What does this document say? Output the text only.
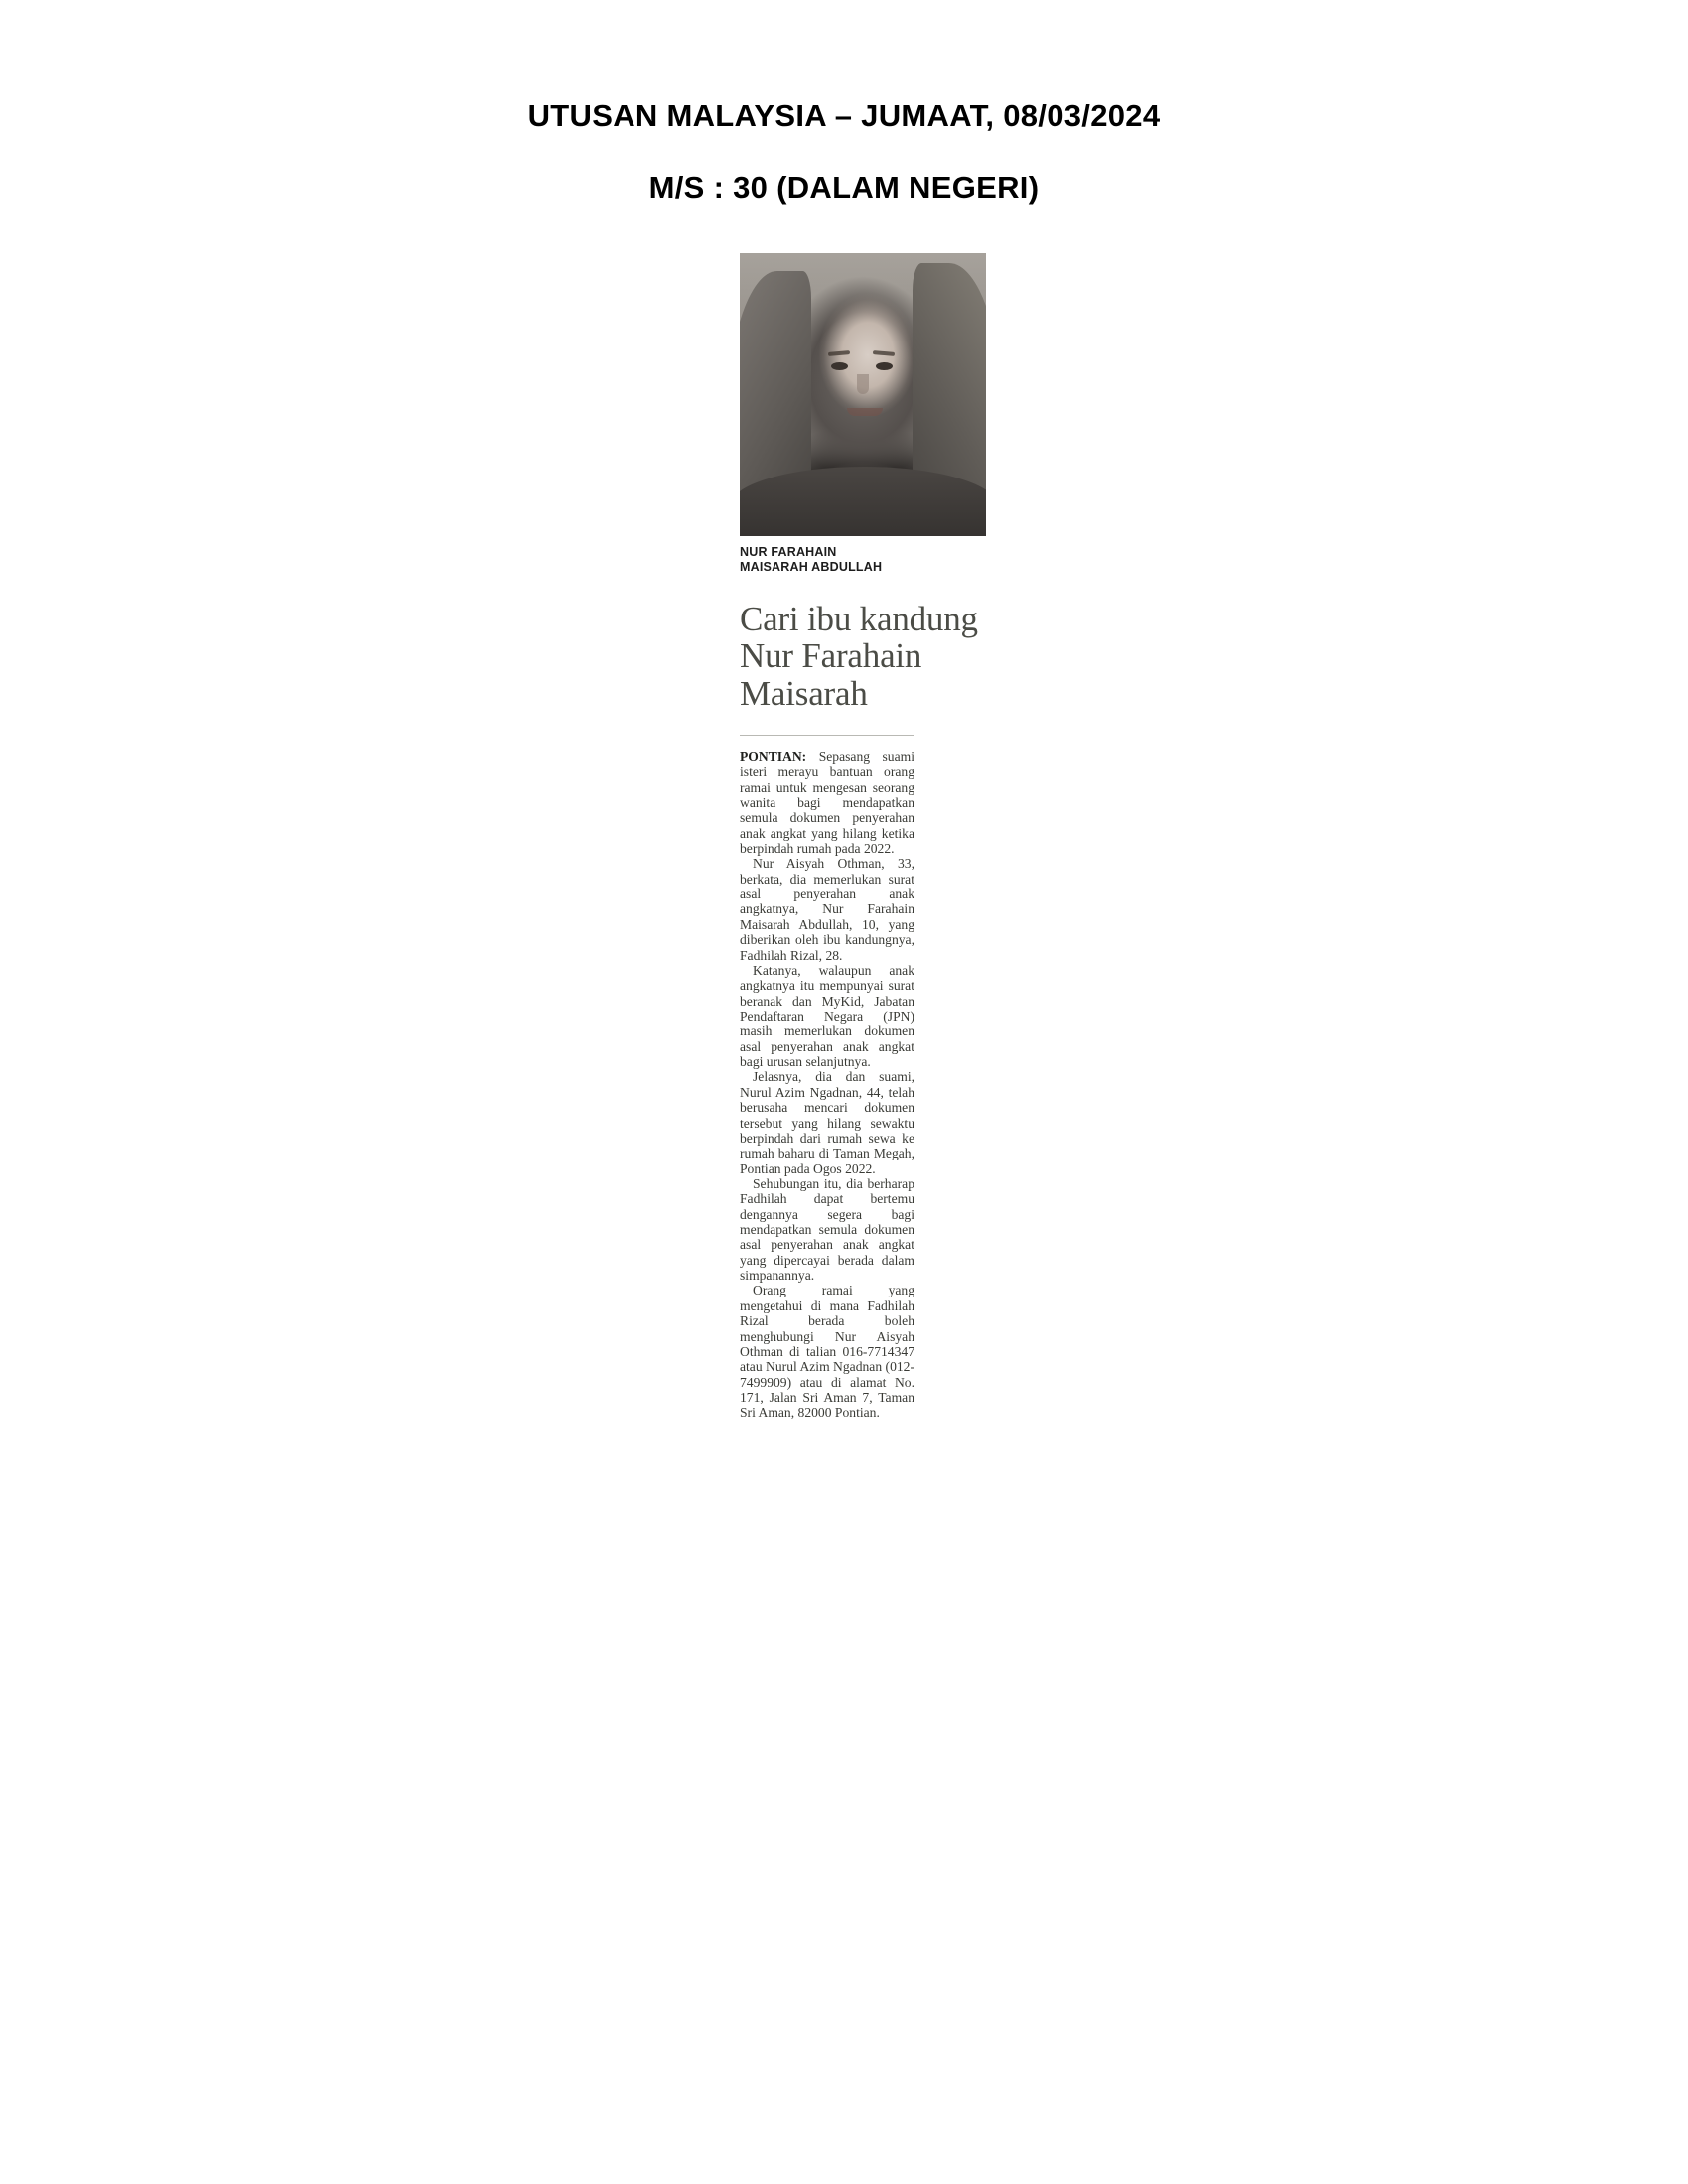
UTUSAN MALAYSIA – JUMAAT, 08/03/2024
M/S : 30 (DALAM NEGERI)
NUR FARAHAIN
MAISARAH ABDULLAH
Cari ibu kandung Nur Farahain Maisarah

PONTIAN: Sepasang suami isteri merayu bantuan orang ramai untuk mengesan seorang wanita bagi mendapatkan semula dokumen penyerahan anak angkat yang hilang ketika berpindah rumah pada 2022.

Nur Aisyah Othman, 33, berkata, dia memerlukan surat asal penyerahan anak angkatnya, Nur Farahain Maisarah Abdullah, 10, yang diberikan oleh ibu kandungnya, Fadhilah Rizal, 28.

Katanya, walaupun anak angkatnya itu mempunyai surat beranak dan MyKid, Jabatan Pendaftaran Negara (JPN) masih memerlukan dokumen asal penyerahan anak angkat bagi urusan selanjutnya.

Jelasnya, dia dan suami, Nurul Azim Ngadnan, 44, telah berusaha mencari dokumen tersebut yang hilang sewaktu berpindah dari rumah sewa ke rumah baharu di Taman Megah, Pontian pada Ogos 2022.

Sehubungan itu, dia berharap Fadhilah dapat bertemu dengannya segera bagi mendapatkan semula dokumen asal penyerahan anak angkat yang dipercayai berada dalam simpanannya.

Orang ramai yang mengetahui di mana Fadhilah Rizal berada boleh menghubungi Nur Aisyah Othman di talian 016-7714347 atau Nurul Azim Ngadnan (012-7499909) atau di alamat No. 171, Jalan Sri Aman 7, Taman Sri Aman, 82000 Pontian.
